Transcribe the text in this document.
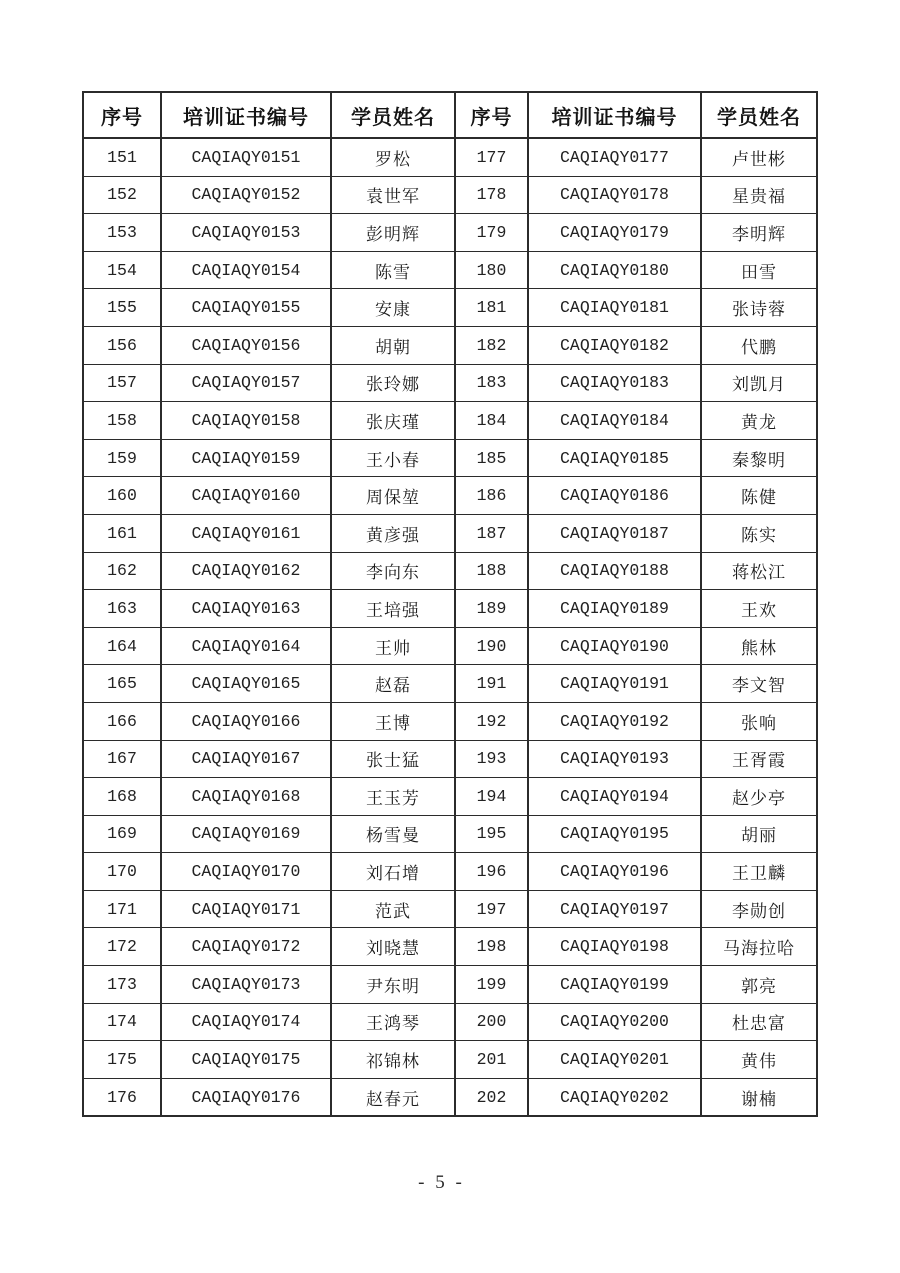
序号	培训证书编号	学员姓名	序号	培训证书编号	学员姓名
151	CAQIAQY0151	罗松	177	CAQIAQY0177	卢世彬
152	CAQIAQY0152	袁世军	178	CAQIAQY0178	星贵福
153	CAQIAQY0153	彭明辉	179	CAQIAQY0179	李明辉
154	CAQIAQY0154	陈雪	180	CAQIAQY0180	田雪
155	CAQIAQY0155	安康	181	CAQIAQY0181	张诗蓉
156	CAQIAQY0156	胡朝	182	CAQIAQY0182	代鹏
157	CAQIAQY0157	张玲娜	183	CAQIAQY0183	刘凯月
158	CAQIAQY0158	张庆瑾	184	CAQIAQY0184	黄龙
159	CAQIAQY0159	王小春	185	CAQIAQY0185	秦黎明
160	CAQIAQY0160	周保堃	186	CAQIAQY0186	陈健
161	CAQIAQY0161	黄彦强	187	CAQIAQY0187	陈实
162	CAQIAQY0162	李向东	188	CAQIAQY0188	蒋松江
163	CAQIAQY0163	王培强	189	CAQIAQY0189	王欢
164	CAQIAQY0164	王帅	190	CAQIAQY0190	熊林
165	CAQIAQY0165	赵磊	191	CAQIAQY0191	李文智
166	CAQIAQY0166	王博	192	CAQIAQY0192	张响
167	CAQIAQY0167	张士猛	193	CAQIAQY0193	王胥霞
168	CAQIAQY0168	王玉芳	194	CAQIAQY0194	赵少亭
169	CAQIAQY0169	杨雪曼	195	CAQIAQY0195	胡丽
170	CAQIAQY0170	刘石增	196	CAQIAQY0196	王卫麟
171	CAQIAQY0171	范武	197	CAQIAQY0197	李勋创
172	CAQIAQY0172	刘晓慧	198	CAQIAQY0198	马海拉哈
173	CAQIAQY0173	尹东明	199	CAQIAQY0199	郭亮
174	CAQIAQY0174	王鸿琴	200	CAQIAQY0200	杜忠富
175	CAQIAQY0175	祁锦林	201	CAQIAQY0201	黄伟
176	CAQIAQY0176	赵春元	202	CAQIAQY0202	谢楠
- 5 -
